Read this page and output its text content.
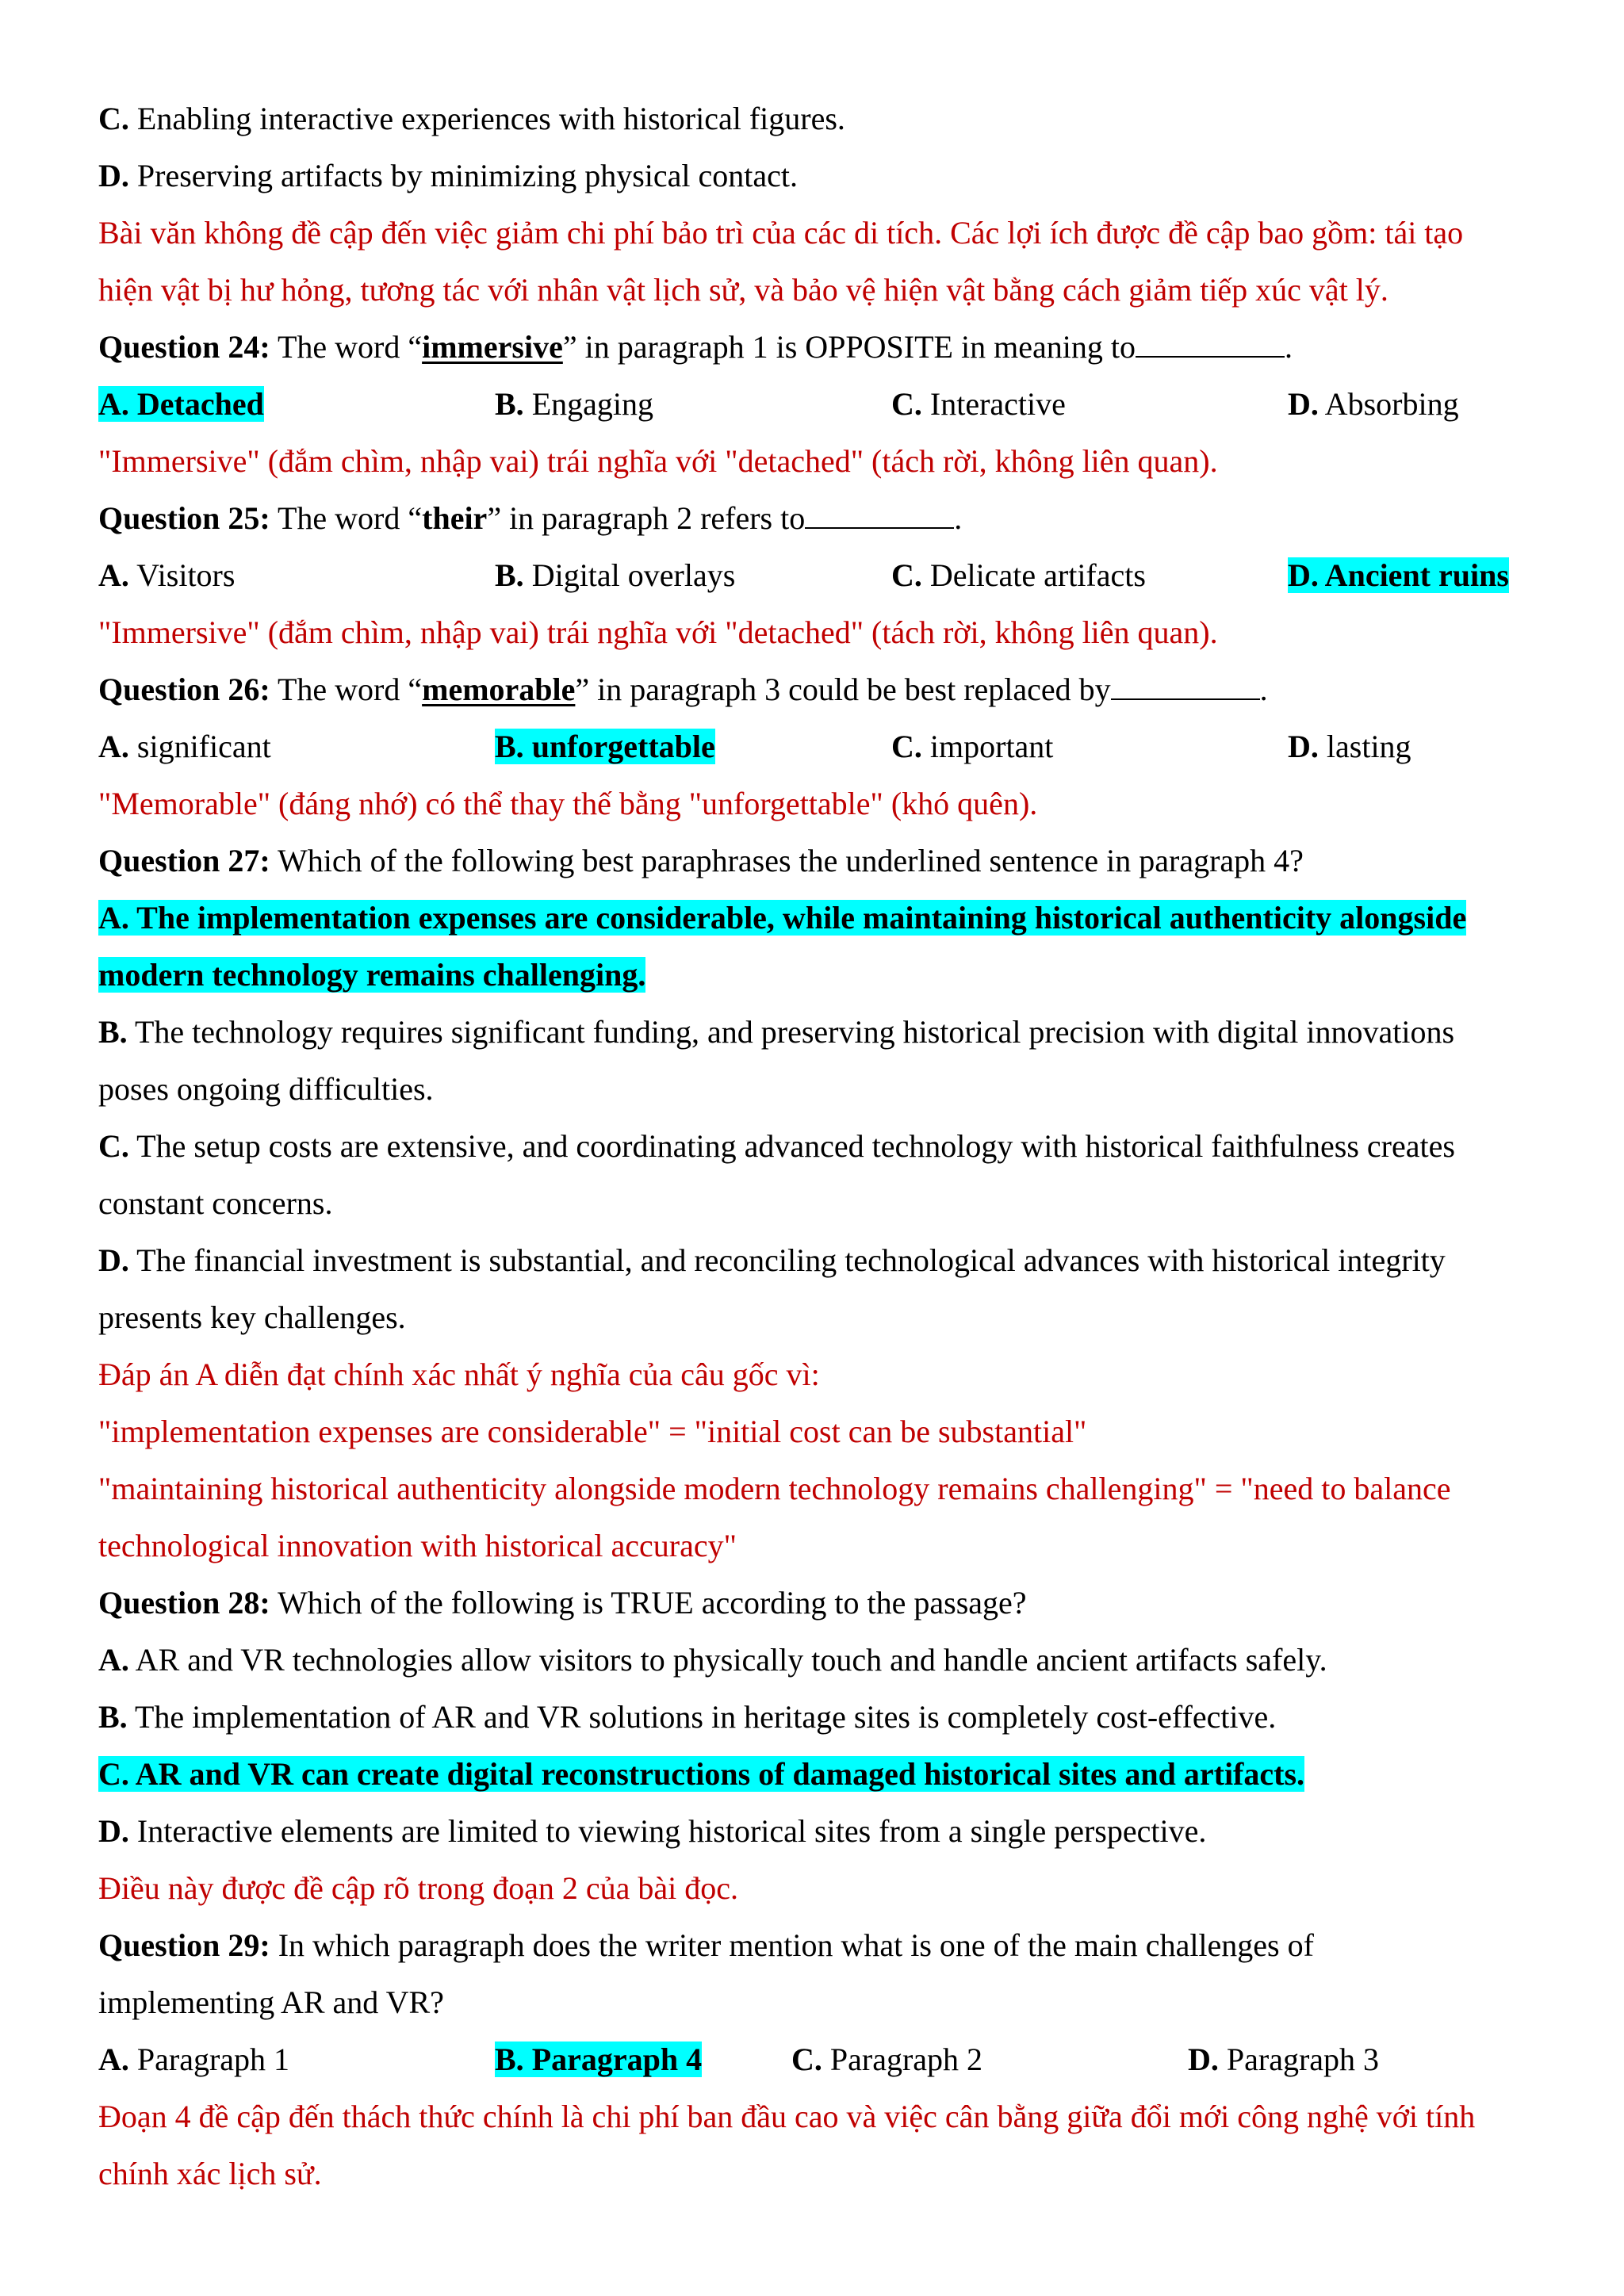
C. Enabling interactive experiences with historical figures.
D. Preserving artifacts by minimizing physical contact.
Bài văn không đề cập đến việc giảm chi phí bảo trì của các di tích. Các lợi ích được đề cập bao gồm: tái tạo
hiện vật bị hư hỏng, tương tác với nhân vật lịch sử, và bảo vệ hiện vật bằng cách giảm tiếp xúc vật lý.
Question 24: The word “immersive” in paragraph 1 is OPPOSITE in meaning to	.
A. Detached	B. Engaging	C. Interactive	D. Absorbing
"Immersive" (đắm chìm, nhập vai) trái nghĩa với "detached" (tách rời, không liên quan).
Question 25: The word “their” in paragraph 2 refers to	.
A. Visitors	B. Digital overlays	C. Delicate artifacts	D. Ancient ruins
"Immersive" (đắm chìm, nhập vai) trái nghĩa với "detached" (tách rời, không liên quan).
Question 26: The word “memorable” in paragraph 3 could be best replaced by	.
A. significant	B. unforgettable	C. important	D. lasting
"Memorable" (đáng nhớ) có thể thay thế bằng "unforgettable" (khó quên).
Question 27: Which of the following best paraphrases the underlined sentence in paragraph 4?
A. The implementation expenses are considerable, while maintaining historical authenticity alongside
modern technology remains challenging.
B. The technology requires significant funding, and preserving historical precision with digital innovations
poses ongoing difficulties.
C. The setup costs are extensive, and coordinating advanced technology with historical faithfulness creates
constant concerns.
D. The financial investment is substantial, and reconciling technological advances with historical integrity
presents key challenges.
Đáp án A diễn đạt chính xác nhất ý nghĩa của câu gốc vì:
"implementation expenses are considerable" = "initial cost can be substantial"
"maintaining historical authenticity alongside modern technology remains challenging" = "need to balance
technological innovation with historical accuracy"
Question 28: Which of the following is TRUE according to the passage?
A. AR and VR technologies allow visitors to physically touch and handle ancient artifacts safely.
B. The implementation of AR and VR solutions in heritage sites is completely cost-effective.
C. AR and VR can create digital reconstructions of damaged historical sites and artifacts.
D. Interactive elements are limited to viewing historical sites from a single perspective.
Điều này được đề cập rõ trong đoạn 2 của bài đọc.
Question 29: In which paragraph does the writer mention what is one of the main challenges of
implementing AR and VR?
A. Paragraph 1	B. Paragraph 4	C. Paragraph 2	D. Paragraph 3
Đoạn 4 đề cập đến thách thức chính là chi phí ban đầu cao và việc cân bằng giữa đổi mới công nghệ với tính
chính xác lịch sử.
